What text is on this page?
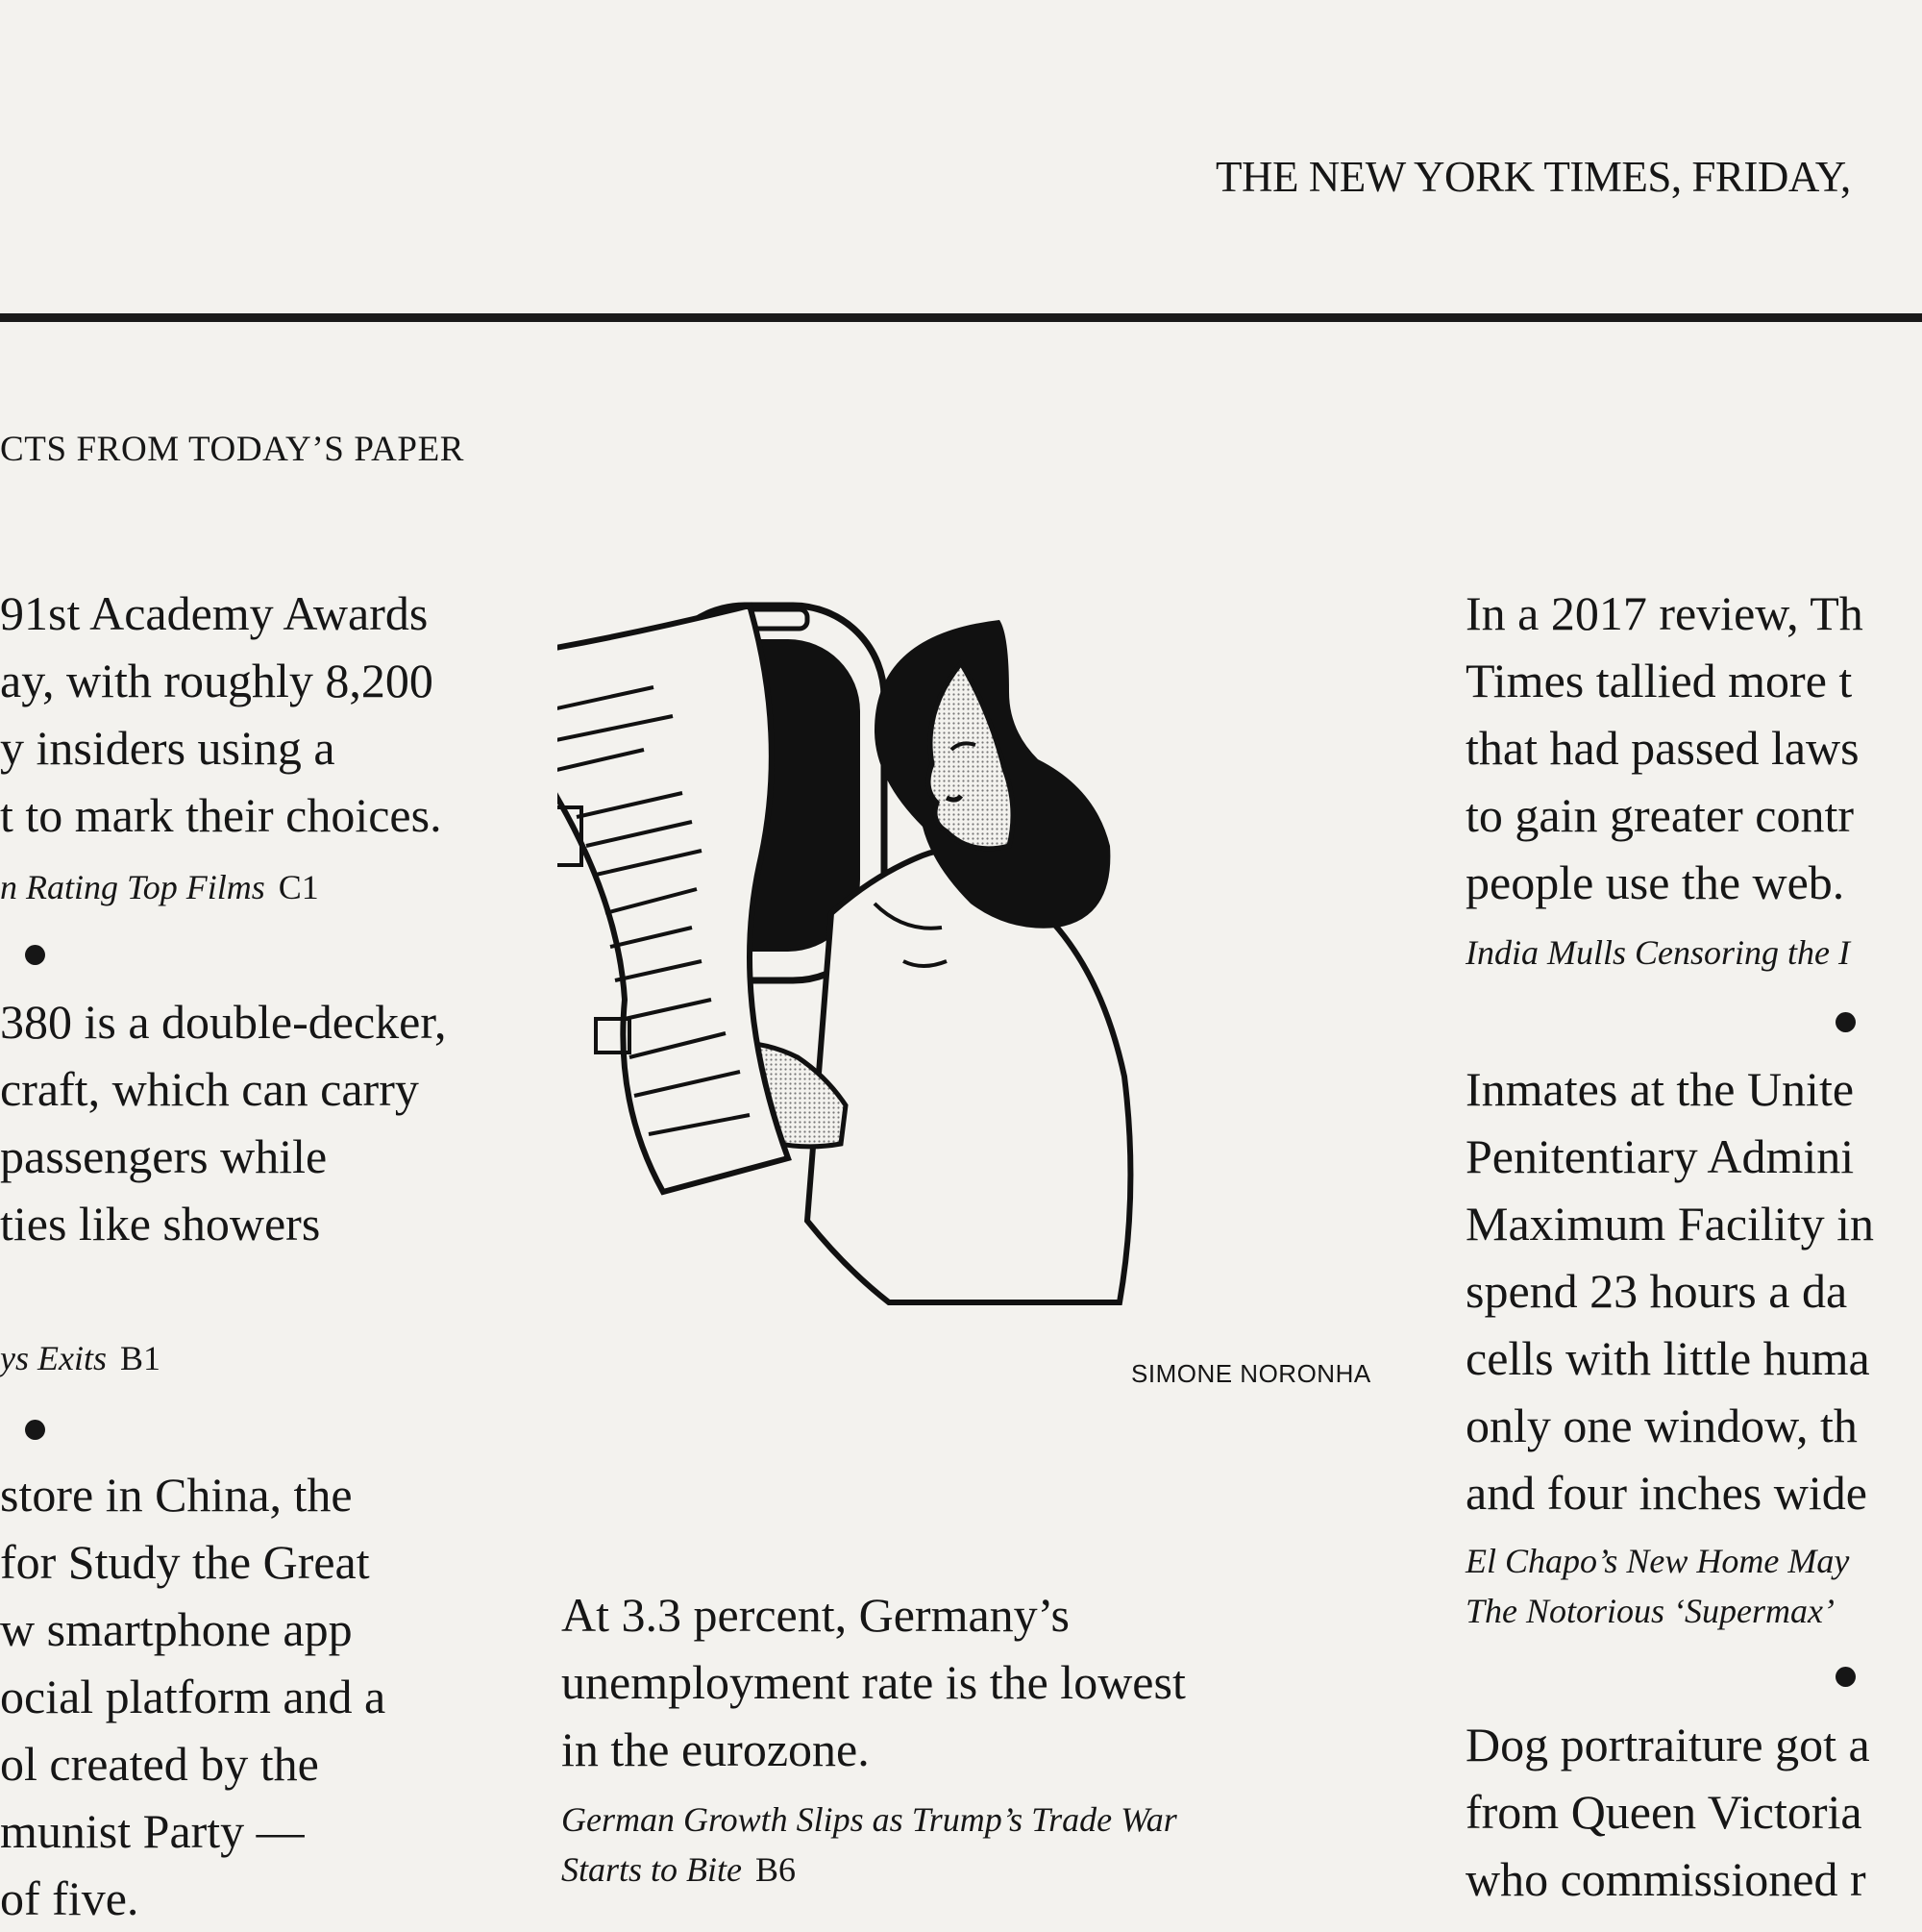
THE NEW YORK TIMES, FRIDAY,
CTS FROM TODAY’S PAPER
91st Academy Awards
ay, with roughly 8,200
y insiders using a
t to mark their choices.
n Rating Top Films C1
380 is a double-decker,
craft, which can carry
passengers while
ties like showers
ys Exits B1
store in China, the
for Study the Great
w smartphone app
ocial platform and a
ol created by the
munist Party —
of five.
SIMONE NORONHA
At 3.3 percent, Germany’s
unemployment rate is the lowest
in the eurozone.
German Growth Slips as Trump’s Trade War
Starts to Bite B6
In a 2017 review, Th
Times tallied more t
that had passed laws
to gain greater contr
people use the web.
India Mulls Censoring the I
Inmates at the Unite
Penitentiary Admini
Maximum Facility in
spend 23 hours a da
cells with little huma
only one window, th
and four inches wide
El Chapo’s New Home May
The Notorious ‘Supermax’
Dog portraiture got a
from Queen Victoria
who commissioned r
